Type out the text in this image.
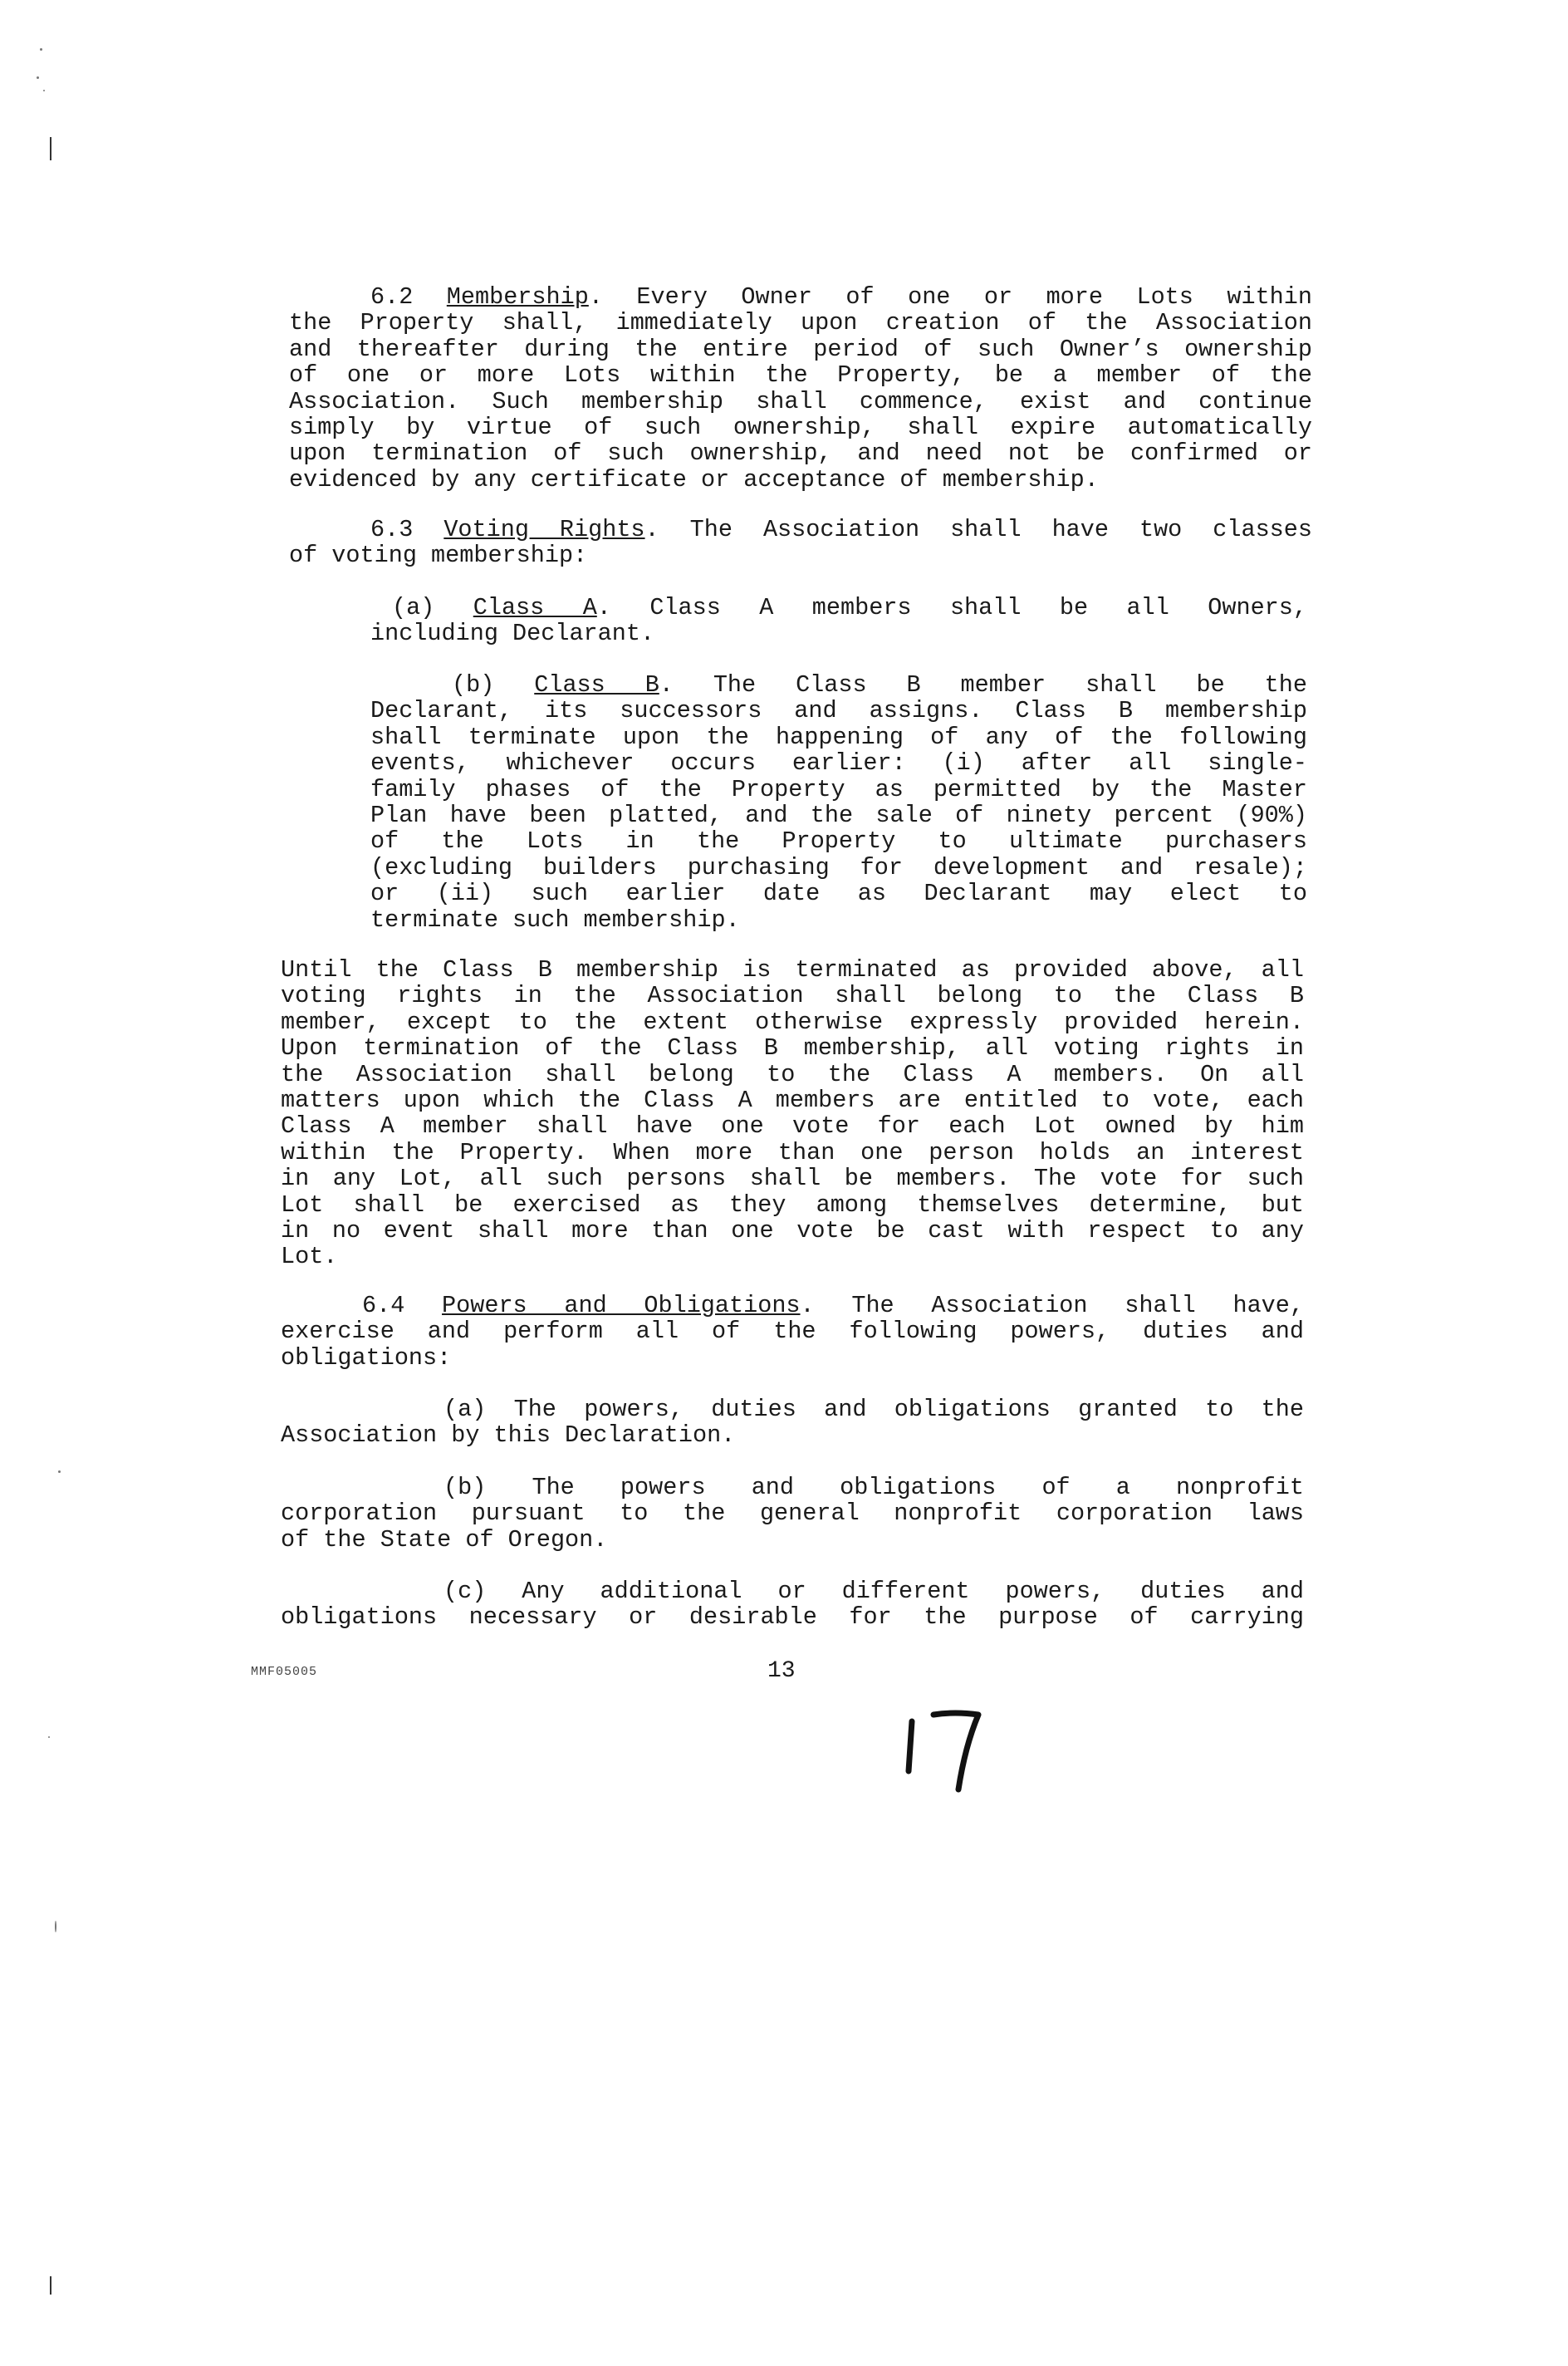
6.2 Membership. Every Owner of one or more Lots within
the Property shall, immediately upon creation of the Association
and thereafter during the entire period of such Owner’s ownership
of one or more Lots within the Property, be a member of the
Association. Such membership shall commence, exist and continue
simply by virtue of such ownership, shall expire automatically
upon termination of such ownership, and need not be confirmed or
evidenced by any certificate or acceptance of membership.
6.3 Voting Rights. The Association shall have two classes
of voting membership:
(a) Class A. Class A members shall be all Owners,
including Declarant.
(b) Class B. The Class B member shall be the
Declarant, its successors and assigns. Class B membership
shall terminate upon the happening of any of the following
events, whichever occurs earlier: (i) after all single-
family phases of the Property as permitted by the Master
Plan have been platted, and the sale of ninety percent (90%)
of the Lots in the Property to ultimate purchasers
(excluding builders purchasing for development and resale);
or (ii) such earlier date as Declarant may elect to
terminate such membership.
Until the Class B membership is terminated as provided above, all
voting rights in the Association shall belong to the Class B
member, except to the extent otherwise expressly provided herein.
Upon termination of the Class B membership, all voting rights in
the Association shall belong to the Class A members. On all
matters upon which the Class A members are entitled to vote, each
Class A member shall have one vote for each Lot owned by him
within the Property. When more than one person holds an interest
in any Lot, all such persons shall be members. The vote for such
Lot shall be exercised as they among themselves determine, but
in no event shall more than one vote be cast with respect to any
Lot.
6.4 Powers and Obligations. The Association shall have,
exercise and perform all of the following powers, duties and
obligations:
(a) The powers, duties and obligations granted to the
Association by this Declaration.
(b) The powers and obligations of a nonprofit
corporation pursuant to the general nonprofit corporation laws
of the State of Oregon.
(c) Any additional or different powers, duties and
obligations necessary or desirable for the purpose of carrying
MMF05005	13
